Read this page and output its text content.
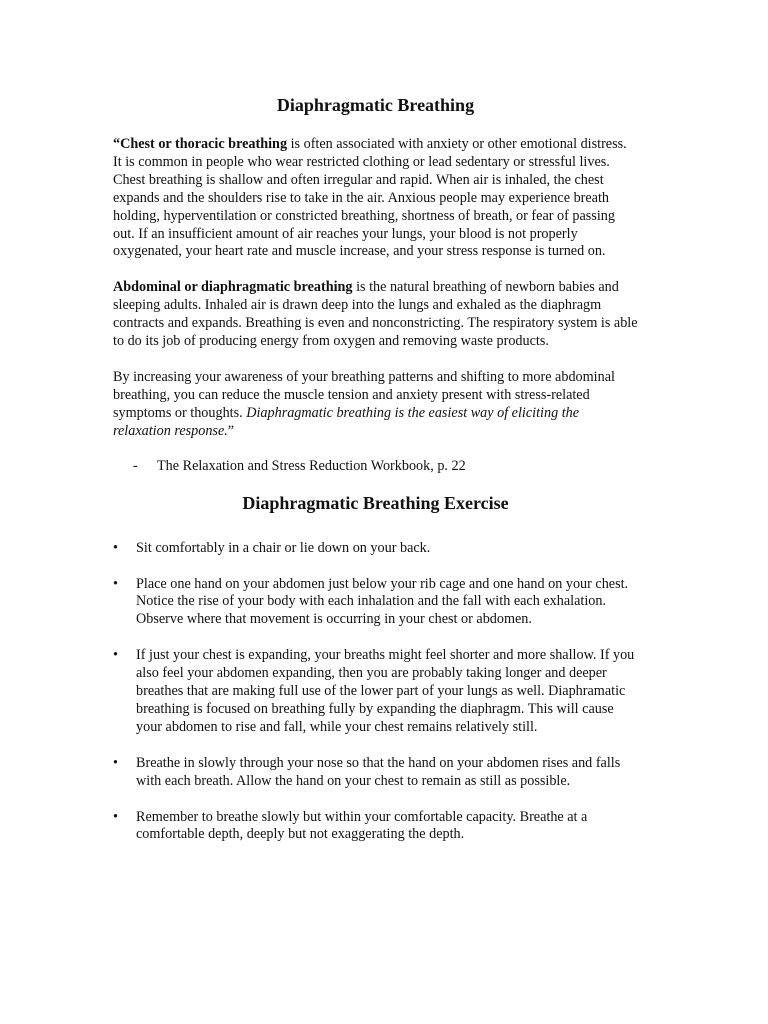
Diaphragmatic Breathing

“Chest or thoracic breathing is often associated with anxiety or other emotional distress. It is common in people who wear restricted clothing or lead sedentary or stressful lives. Chest breathing is shallow and often irregular and rapid. When air is inhaled, the chest expands and the shoulders rise to take in the air. Anxious people may experience breath holding, hyperventilation or constricted breathing, shortness of breath, or fear of passing out. If an insufficient amount of air reaches your lungs, your blood is not properly oxygenated, your heart rate and muscle increase, and your stress response is turned on.

Abdominal or diaphragmatic breathing is the natural breathing of newborn babies and sleeping adults. Inhaled air is drawn deep into the lungs and exhaled as the diaphragm contracts and expands. Breathing is even and nonconstricting. The respiratory system is able to do its job of producing energy from oxygen and removing waste products.

By increasing your awareness of your breathing patterns and shifting to more abdominal breathing, you can reduce the muscle tension and anxiety present with stress-related symptoms or thoughts. Diaphragmatic breathing is the easiest way of eliciting the relaxation response.”

-	The Relaxation and Stress Reduction Workbook, p. 22
Diaphragmatic Breathing Exercise
•	Sit comfortably in a chair or lie down on your back.
•	Place one hand on your abdomen just below your rib cage and one hand on your chest. Notice the rise of your body with each inhalation and the fall with each exhalation. Observe where that movement is occurring in your chest or abdomen.
•	If just your chest is expanding, your breaths might feel shorter and more shallow. If you also feel your abdomen expanding, then you are probably taking longer and deeper breathes that are making full use of the lower part of your lungs as well. Diaphramatic breathing is focused on breathing fully by expanding the diaphragm. This will cause your abdomen to rise and fall, while your chest remains relatively still.
•	Breathe in slowly through your nose so that the hand on your abdomen rises and falls with each breath. Allow the hand on your chest to remain as still as possible.
•	Remember to breathe slowly but within your comfortable capacity. Breathe at a comfortable depth, deeply but not exaggerating the depth.
